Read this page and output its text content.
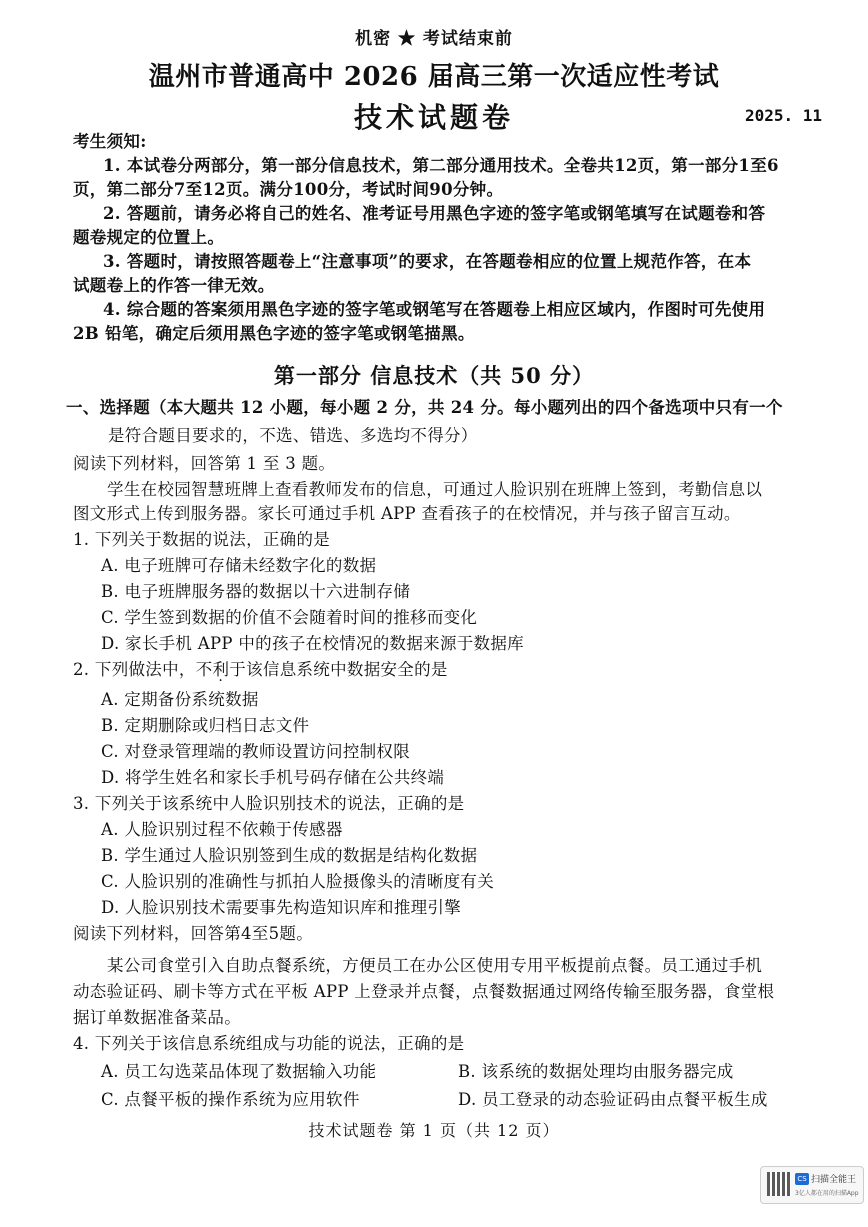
机密 ★ 考试结束前
温州市普通高中 2026 届高三第一次适应性考试
技术试题卷	2025. 11
考生须知:
1. 本试卷分两部分，第一部分信息技术，第二部分通用技术。全卷共12页，第一部分1至6
页，第二部分7至12页。满分100分，考试时间90分钟。
2. 答题前，请务必将自己的姓名、准考证号用黑色字迹的签字笔或钢笔填写在试题卷和答
题卷规定的位置上。
3. 答题时，请按照答题卷上“注意事项”的要求，在答题卷相应的位置上规范作答，在本
试题卷上的作答一律无效。
4. 综合题的答案须用黑色字迹的签字笔或钢笔写在答题卷上相应区域内，作图时可先使用
2B 铅笔，确定后须用黑色字迹的签字笔或钢笔描黑。
第一部分 信息技术（共 50 分）
一、选择题（本大题共 12 小题，每小题 2 分，共 24 分。每小题列出的四个备选项中只有一个
是符合题目要求的，不选、错选、多选均不得分）
阅读下列材料，回答第 1 至 3 题。
学生在校园智慧班牌上查看教师发布的信息，可通过人脸识别在班牌上签到，考勤信息以
图文形式上传到服务器。家长可通过手机 APP 查看孩子的在校情况，并与孩子留言互动。
1. 下列关于数据的说法，正确的是
A. 电子班牌可存储未经数字化的数据
B. 电子班牌服务器的数据以十六进制存储
C. 学生签到数据的价值不会随着时间的推移而变化
D. 家长手机 APP 中的孩子在校情况的数据来源于数据库
2. 下列做法中，不利于该信息系统中数据安全的是
A. 定期备份系统数据
B. 定期删除或归档日志文件
C. 对登录管理端的教师设置访问控制权限
D. 将学生姓名和家长手机号码存储在公共终端
3. 下列关于该系统中人脸识别技术的说法，正确的是
A. 人脸识别过程不依赖于传感器
B. 学生通过人脸识别签到生成的数据是结构化数据
C. 人脸识别的准确性与抓拍人脸摄像头的清晰度有关
D. 人脸识别技术需要事先构造知识库和推理引擎
阅读下列材料，回答第4至5题。
某公司食堂引入自助点餐系统，方便员工在办公区使用专用平板提前点餐。员工通过手机
动态验证码、刷卡等方式在平板 APP 上登录并点餐，点餐数据通过网络传输至服务器，食堂根
据订单数据准备菜品。
4. 下列关于该信息系统组成与功能的说法，正确的是
A. 员工勾选菜品体现了数据输入功能	B. 该系统的数据处理均由服务器完成
C. 点餐平板的操作系统为应用软件	D. 员工登录的动态验证码由点餐平板生成
技术试题卷 第 1 页（共 12 页）
CS 扫描全能王
3亿人都在用的扫描App
